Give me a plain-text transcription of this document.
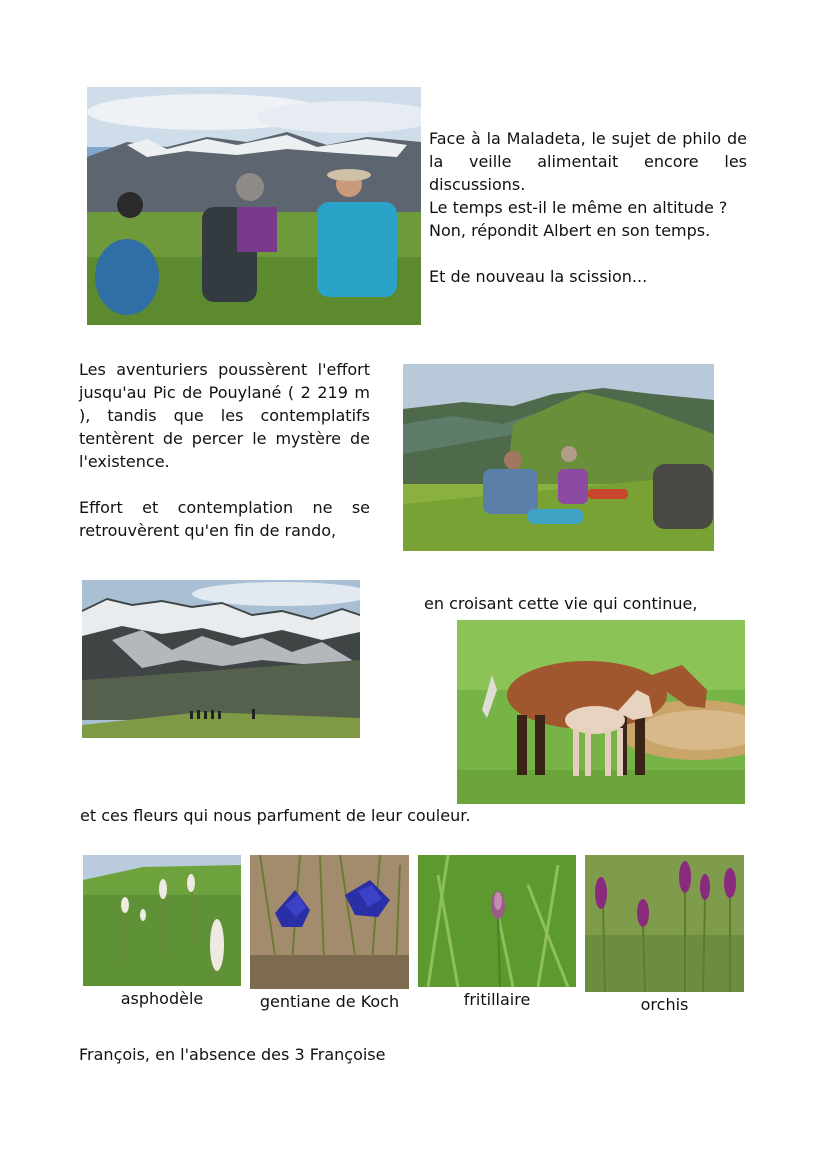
Face à la Maladeta, le sujet de philo de la veille alimentait encore les discussions.

Le temps est-il le même en altitude ?

Non, répondit Albert en son temps.

Et de nouveau la scission...

Les aventuriers poussèrent l'effort jusqu'au Pic de Pouylané ( 2 219 m ), tandis que les contemplatifs tentèrent de percer le mystère de l'existence.

Effort et contemplation ne se retrouvèrent qu'en fin de rando,

en croisant cette vie qui continue,
et ces fleurs qui nous parfument de leur couleur.
asphodèle	gentiane de Koch	fritillaire	orchis
François, en l'absence des 3 Françoise
